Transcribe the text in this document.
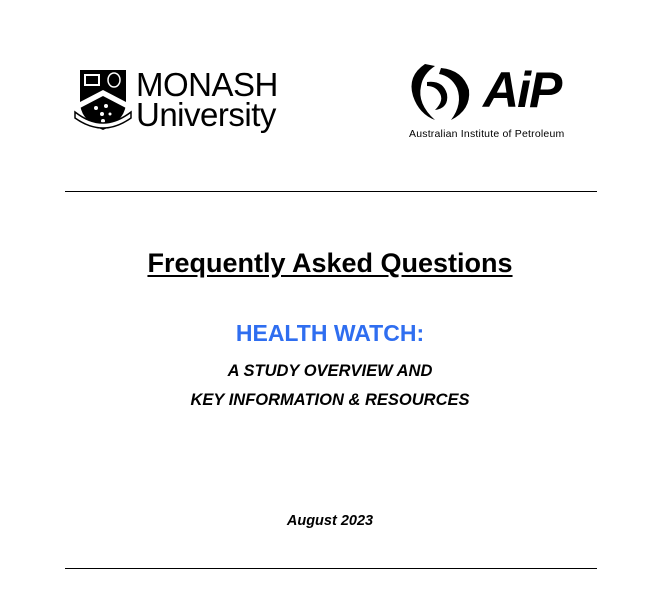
MONASH
University	AiP
Australian Institute of Petroleum
Frequently Asked Questions
HEALTH WATCH:
A STUDY OVERVIEW AND
KEY INFORMATION & RESOURCES
August 2023
